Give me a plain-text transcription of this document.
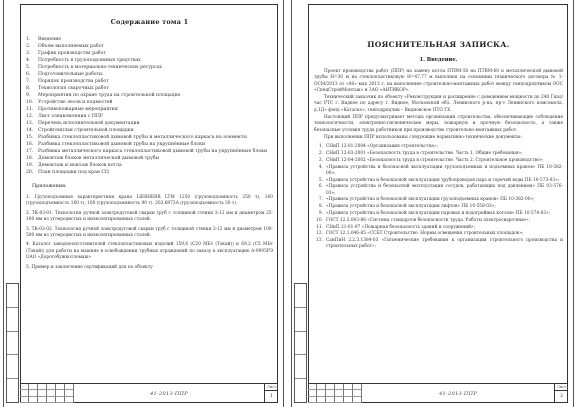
Содержание тома 1
1.	Введение
2.	Объем выполняемых работ
3.	График производства работ
4.	Потребность в грузоподъемных средствах
5.	Потребность в материально-технических ресурсах
6.	Подготовительные работы
7.	Порядок производства работ
8.	Технология сварочных работ
9.	Мероприятия по охране труда на строительной площадке
10.	Устройство лесов и подмостей
11.	Противопожарные мероприятия
12.	Лист ознакомления с ППР
13.	Перечень исполнительной документации
14.	Стройгенплан строительной площадки
15.	Разбивка стеклопластиковой дымовой трубы и металлического каркаса на элементы
16.	Разбивка стеклопластиковой дымовой трубы на укрупнённые блоки
17.	Разбивка металлического каркаса стеклопластиковой дымовой трубы на укрупнённые блоки
18.	Демонтаж блоков металлической дымовой трубы
19.	Демонтаж и монтаж блоков котла
20.	План площадки под кран СЦ
Приложения:
1. Грузоподъемные характеристики крана LIEBHERR LTM 1250 (грузоподъемность 250 т), 160 (грузоподъемность 160 т), 100 (грузоподъемность 90 т), 202.6973А (грузоподъемность 30 т).
2. ТК-03-01. Технология ручной электродуговой сварки труб с толщиной стенки 3-12 мм и диаметром 25-100 мм из углеродистых и низколегированных сталей.
3. ТК-03-02. Технология ручной электродуговой сварки труб с толщиной стенки 3-12 мм и диаметром 100-500 мм из углеродистых и низколегированных сталей.
4. Каталог заводов-изготовителей стеклопластиковых изделий 159,6 (С20 МБт (Тэкай)) и 69,2 (С5 МБт (Тэкай)) для работы на машине в освобождении трубных ограждений по заказу в эксплуатацию А-9905РЭ ОАО «Дорогобужкотломаш»
5. Пример и заключение сертификаций для по объекту
41-2013-ППР
Лист
1
ПОЯСНИТЕЛЬНАЯ ЗАПИСКА.
1. Введение.

Проект производства работ (ППР) на замену котла ПТВМ-50 на ПТВМ-60 и металлической дымовой трубы Н=30 м на стеклопластиковую Н=47,77 м выполнен на основании технического договора № 1-ОСМ/2013 от «08» мая 2013 г. на выполнение строительно-монтажных работ между генподрядчиком ООС «СпецСтройМонтаж» и ЗАО «АНТИКОР».

Технический заказчик по объекту «Реконструкция и расширение с доведением мощности до 240 Гкал/час РТС г. Видное по адресу г. Видное, Московской обл. Ленинского р-на, пр-т Ленинского комсомола, д.1Д» фонд «Катаско», генподрядчик – Видновское ПТО ГХ.

Настоящий ППР предусматривает методы организации строительства, обеспечивающие соблюдение технологичности, электронно-гигиенические меры, пожарную и прочную безопасность, а также безопасные условия труда работников при производстве строительно-монтажных работ.

При выполнении ППР использованы следующие нормативно-технические документы:

1. СНиП 12-01-2004 «Организация строительства»;
2. СНиП 12-03-2001 «Безопасность труда в строительстве. Часть 1. Общие требования»;
3. СНиП 12-04-2002 «Безопасность труда в строительстве. Часть 2. Строительное производство»;
4. «Правила устройства и безопасной эксплуатации грузоподъемных и подъемных кранов» ПБ 10-382-00»;
5. «Правила устройства и безопасной эксплуатации трубопроводов пара и горячей воды ПБ 10-573-03»;
6. «Правила устройства и безопасной эксплуатации сосудов, работающих под давлением» ПБ 03-576-03»;
7. «Правила устройства и безопасной эксплуатации грузоподъемных кранов» ПБ 10-382-00»;
8. «Правила устройства и безопасной эксплуатации лифтов» ПБ 10-558-03»;
9. «Правила устройства и безопасной эксплуатации паровых и водогрейных котлов» ПБ 10-574-03»;
10. ГОСТ 12.3.003-86 «Система стандартов безопасности труда. Работы электросварочные»;
11. СНиП 21-01-97 «Пожарная безопасность зданий и сооружений»;
12. ГОСТ 12.1.046-85 «ССБТ Строительство. Нормы освещения строительных площадок»;
13. СанПиН 2.2.3.1384-03 «Гигиенические требования к организации строительного производства и строительных работ»;
41-2013-ППР
Лист
2
